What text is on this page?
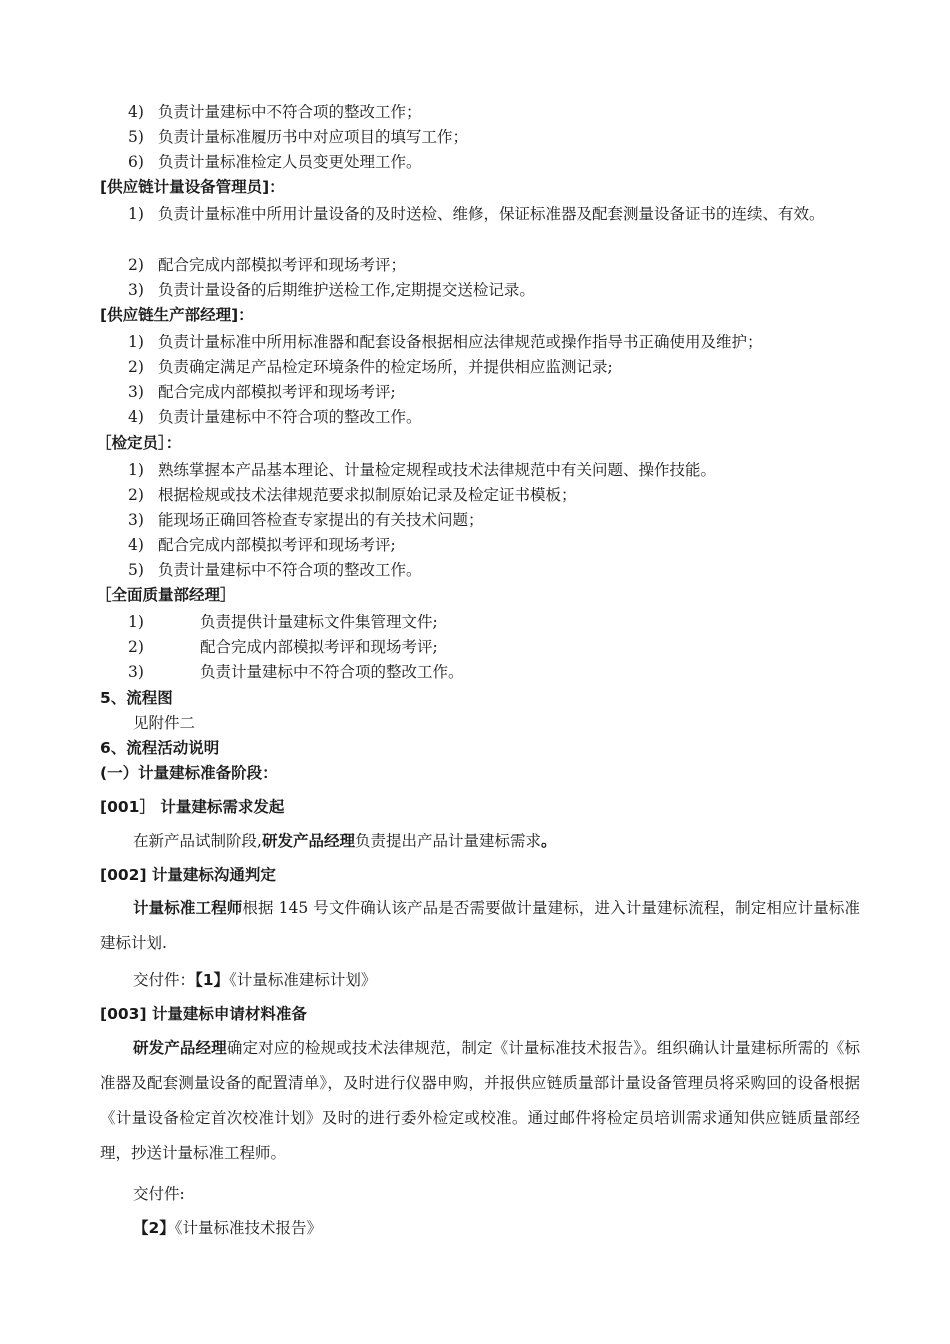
4) 负责计量建标中不符合项的整改工作；
5) 负责计量标准履历书中对应项目的填写工作；
6) 负责计量标准检定人员变更处理工作。
[供应链计量设备管理员]：
1) 负责计量标准中所用计量设备的及时送检、维修，保证标准器及配套测量设备证书的连续、有效。
2) 配合完成内部模拟考评和现场考评；
3) 负责计量设备的后期维护送检工作,定期提交送检记录。
[供应链生产部经理]：
1) 负责计量标准中所用标准器和配套设备根据相应法律规范或操作指导书正确使用及维护；
2) 负责确定满足产品检定环境条件的检定场所，并提供相应监测记录;
3) 配合完成内部模拟考评和现场考评;
4) 负责计量建标中不符合项的整改工作。
［检定员］：
1) 熟练掌握本产品基本理论、计量检定规程或技术法律规范中有关问题、操作技能。
2) 根据检规或技术法律规范要求拟制原始记录及检定证书模板；
3) 能现场正确回答检查专家提出的有关技术问题；
4) 配合完成内部模拟考评和现场考评;
5) 负责计量建标中不符合项的整改工作。
［全面质量部经理］
1)	负责提供计量建标文件集管理文件;
2)	配合完成内部模拟考评和现场考评;
3)	负责计量建标中不符合项的整改工作。
5、流程图
见附件二
6、流程活动说明
(一）计量建标准备阶段：
[001］ 计量建标需求发起
在新产品试制阶段,研发产品经理负责提出产品计量建标需求。
[002] 计量建标沟通判定
计量标准工程师根据 145 号文件确认该产品是否需要做计量建标，进入计量建标流程，制定相应计量标准建标计划.
交付件：【1】《计量标准建标计划》
[003] 计量建标申请材料准备
研发产品经理确定对应的检规或技术法律规范，制定《计量标准技术报告》。组织确认计量建标所需的《标准器及配套测量设备的配置清单》，及时进行仪器申购，并报供应链质量部计量设备管理员将采购回的设备根据《计量设备检定首次校准计划》及时的进行委外检定或校准。通过邮件将检定员培训需求通知供应链质量部经理，抄送计量标准工程师。
交付件:
【2】《计量标准技术报告》
